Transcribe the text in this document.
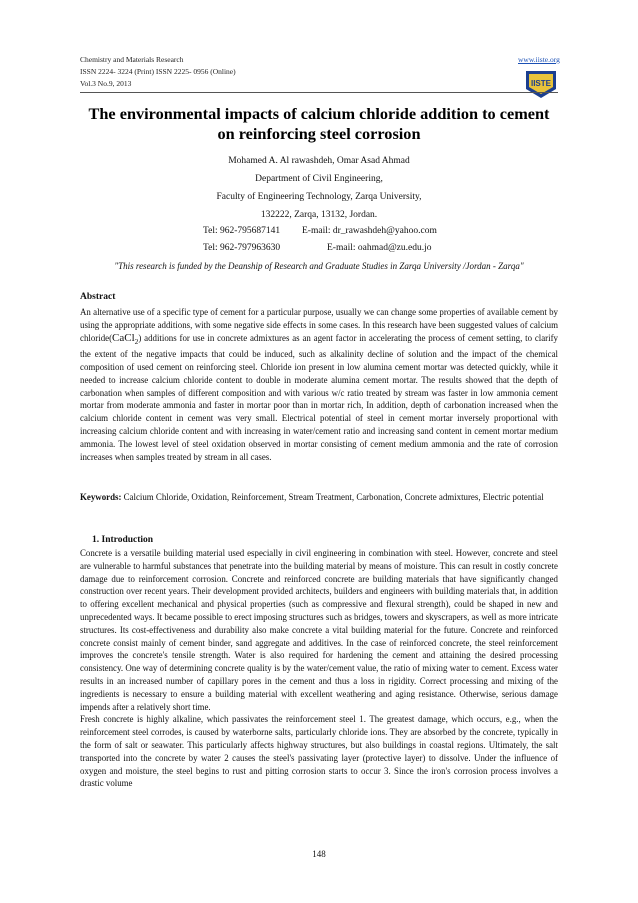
Chemistry and Materials Research
ISSN 2224- 3224 (Print) ISSN 2225- 0956 (Online)
Vol.3 No.9, 2013
www.iiste.org
IISTE
The environmental impacts of calcium chloride addition to cement
on reinforcing steel corrosion
Mohamed A. Al rawashdeh, Omar Asad Ahmad
Department of Civil Engineering,
Faculty of Engineering Technology, Zarqa University,
132222, Zarqa, 13132, Jordan.
Tel: 962-795687141 E-mail: dr_rawashdeh@yahoo.com
Tel: 962-797963630	E-mail: oahmad@zu.edu.jo
"This research is funded by the Deanship of Research and Graduate Studies in Zarqa University /Jordan - Zarqa"
Abstract

An alternative use of a specific type of cement for a particular purpose, usually we can change some properties of available cement by using the appropriate additions, with some negative side effects in some cases. In this research have been suggested values of calcium chloride(CaCl$_2$) additions for use in concrete admixtures as an agent factor in accelerating the process of cement setting, to clarify the extent of the negative impacts that could be induced, such as alkalinity decline of solution and the impact of the chemical composition of used cement on reinforcing steel. Chloride ion present in low alumina cement mortar was detected quickly, while it needed to increase calcium chloride content to double in moderate alumina cement mortar. The results showed that the depth of carbonation when samples of different composition and with various w/c ratio treated by stream was faster in low ammonia cement mortar from moderate ammonia and faster in mortar poor than in mortar rich, In addition, depth of carbonation increased when the calcium chloride content in cement was very small. Electrical potential of steel in cement mortar inversely proportional with increasing calcium chloride content and with increasing in water/cement ratio and increasing sand content in cement mortar medium ammonia. The lowest level of steel oxidation observed in mortar consisting of cement medium ammonia and the rate of corrosion increases when samples treated by stream in all cases.

Keywords: Calcium Chloride, Oxidation, Reinforcement, Stream Treatment, Carbonation, Concrete admixtures, Electric potential

1. Introduction

Concrete is a versatile building material used especially in civil engineering in combination with steel. However, concrete and steel are vulnerable to harmful substances that penetrate into the building material by means of moisture. This can result in costly concrete damage due to reinforcement corrosion. Concrete and reinforced concrete are building materials that have significantly changed construction over recent years. Their development provided architects, builders and engineers with building materials that, in addition to offering excellent mechanical and physical properties (such as compressive and flexural strength), could be shaped in new and unprecedented ways. It became possible to erect imposing structures such as bridges, towers and skyscrapers, as well as more intricate structures. Its cost-effectiveness and durability also make concrete a vital building material for the future. Concrete and reinforced concrete consist mainly of cement binder, sand aggregate and additives. In the case of reinforced concrete, the steel reinforcement improves the concrete's tensile strength. Water is also required for hardening the cement and attaining the desired processing consistency. One way of determining concrete quality is by the water/cement value, the ratio of mixing water to cement. Excess water results in an increased number of capillary pores in the cement and thus a loss in rigidity. Correct processing and mixing of the ingredients is necessary to ensure a building material with excellent weathering and aging resistance. Otherwise, serious damage impends after a relatively short time.

Fresh concrete is highly alkaline, which passivates the reinforcement steel 1. The greatest damage, which occurs, e.g., when the reinforcement steel corrodes, is caused by waterborne salts, particularly chloride ions. They are absorbed by the concrete, typically in the form of salt or seawater. This particularly affects highway structures, but also buildings in coastal regions. Ultimately, the salt transported into the concrete by water 2 causes the steel's passivating layer (protective layer) to dissolve. Under the influence of oxygen and moisture, the steel begins to rust and pitting corrosion starts to occur 3. Since the iron's corrosion process involves a drastic volume

148
